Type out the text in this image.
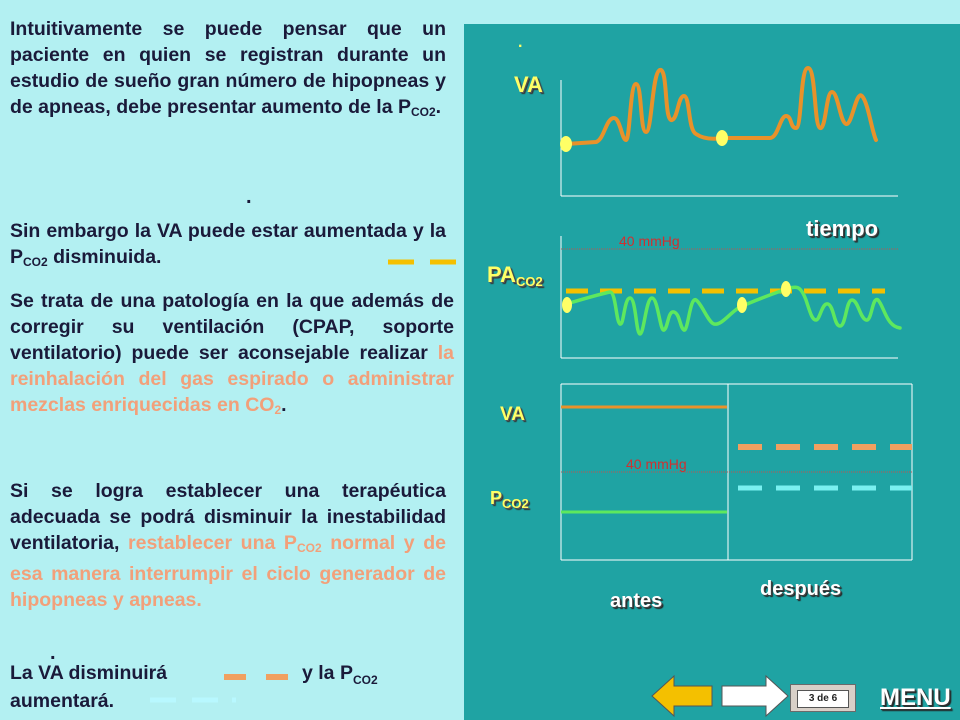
Intuitivamente se puede pensar que un paciente en quien se registran durante un estudio de sueño gran número de hipopneas y de apneas, debe presentar aumento de la $P_{CO2}$.
.
Sin embargo la VA puede estar aumentada y la $P_{CO2}$ disminuida.
Se trata de una patología en la que además de corregir su ventilación (CPAP, soporte ventilatorio) puede ser aconsejable realizar la reinhalación del gas espirado o administrar mezclas enriquecidas en $CO_2$.
Si se logra establecer una terapéutica adecuada se podrá disminuir la inestabilidad ventilatoria, restablecer una $P_{CO2}$ normal y de esa manera interrumpir el ciclo generador de hipopneas y apneas.
.
La VA disminuirá	y la $P_{CO2}$
aumentará.
.
VA
tiempo
$PA_{CO2}$
40 mmHg
VA
40 mmHg
$P_{CO2}$
antes
después
3 de 6	MENU
